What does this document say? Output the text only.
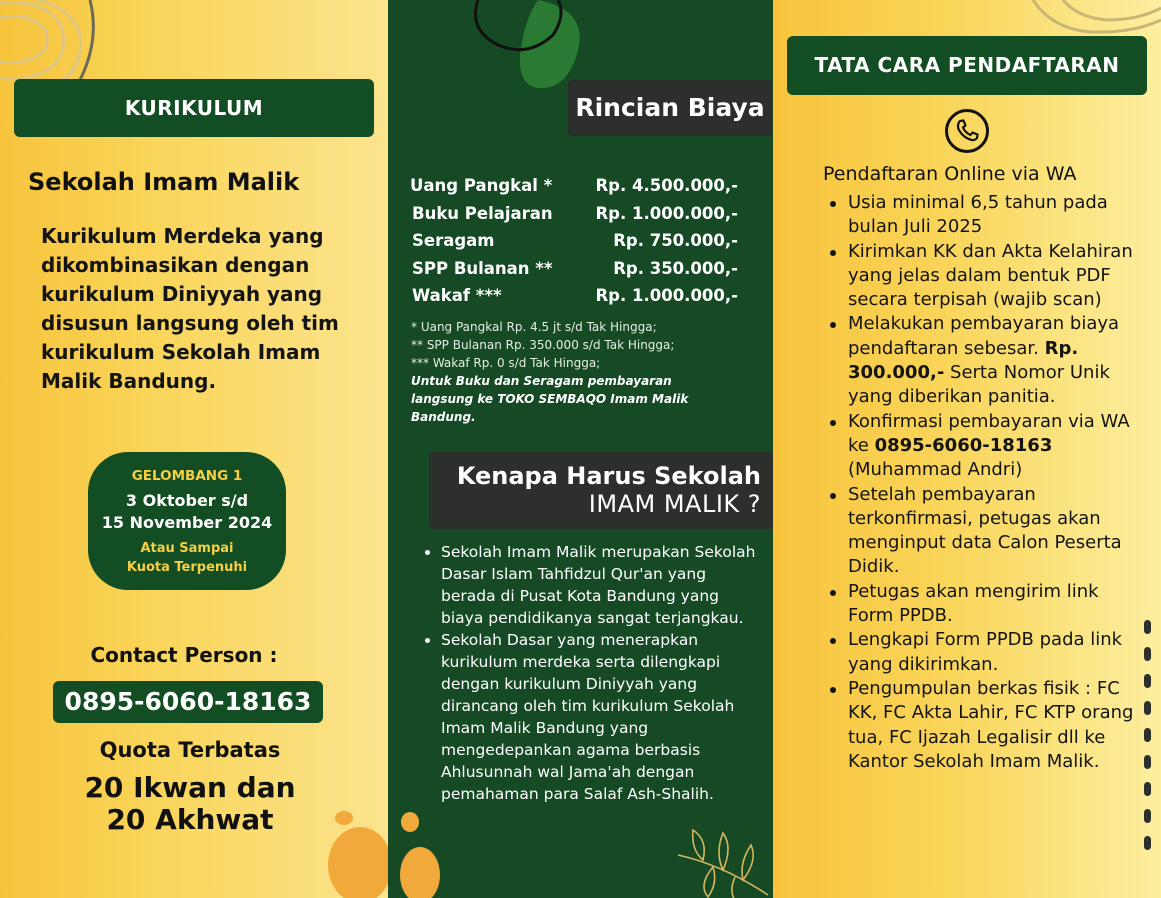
KURIKULUM
Sekolah Imam Malik
Kurikulum Merdeka yang dikombinasikan dengan kurikulum Diniyyah yang disusun langsung oleh tim kurikulum Sekolah Imam Malik Bandung.
GELOMBANG 1
3 Oktober s/d
15 November 2024
Atau Sampai
Kuota Terpenuhi
Contact Person :
0895-6060-18163
Quota Terbatas
20 Ikwan dan
20 Akhwat
Rincian Biaya
Uang Pangkal *	Rp. 4.500.000,-
Buku Pelajaran	Rp. 1.000.000,-
Seragam	Rp. 750.000,-
SPP Bulanan **	Rp. 350.000,-
Wakaf ***	Rp. 1.000.000,-
* Uang Pangkal Rp. 4.5 jt s/d Tak Hingga;
** SPP Bulanan Rp. 350.000 s/d Tak Hingga;
*** Wakaf Rp. 0 s/d Tak Hingga;
Untuk Buku dan Seragam pembayaran langsung ke TOKO SEMBAQO Imam Malik Bandung.
Kenapa Harus Sekolah
IMAM MALIK ?
Sekolah Imam Malik merupakan Sekolah Dasar Islam Tahfidzul Qur'an yang berada di Pusat Kota Bandung yang biaya pendidikanya sangat terjangkau.
Sekolah Dasar yang menerapkan kurikulum merdeka serta dilengkapi dengan kurikulum Diniyyah yang dirancang oleh tim kurikulum Sekolah Imam Malik Bandung yang mengedepankan agama berbasis Ahlusunnah wal Jama'ah dengan pemahaman para Salaf Ash-Shalih.
TATA CARA PENDAFTARAN
Pendaftaran Online via WA
Usia minimal 6,5 tahun pada bulan Juli 2025
Kirimkan KK dan Akta Kelahiran yang jelas dalam bentuk PDF secara terpisah (wajib scan)
Melakukan pembayaran biaya pendaftaran sebesar. Rp. 300.000,- Serta Nomor Unik yang diberikan panitia.
Konfirmasi pembayaran via WA ke 0895-6060-18163 (Muhammad Andri)
Setelah pembayaran terkonfirmasi, petugas akan menginput data Calon Peserta Didik.
Petugas akan mengirim link Form PPDB.
Lengkapi Form PPDB pada link yang dikirimkan.
Pengumpulan berkas fisik : FC KK, FC Akta Lahir, FC KTP orang tua, FC Ijazah Legalisir dll ke Kantor Sekolah Imam Malik.
